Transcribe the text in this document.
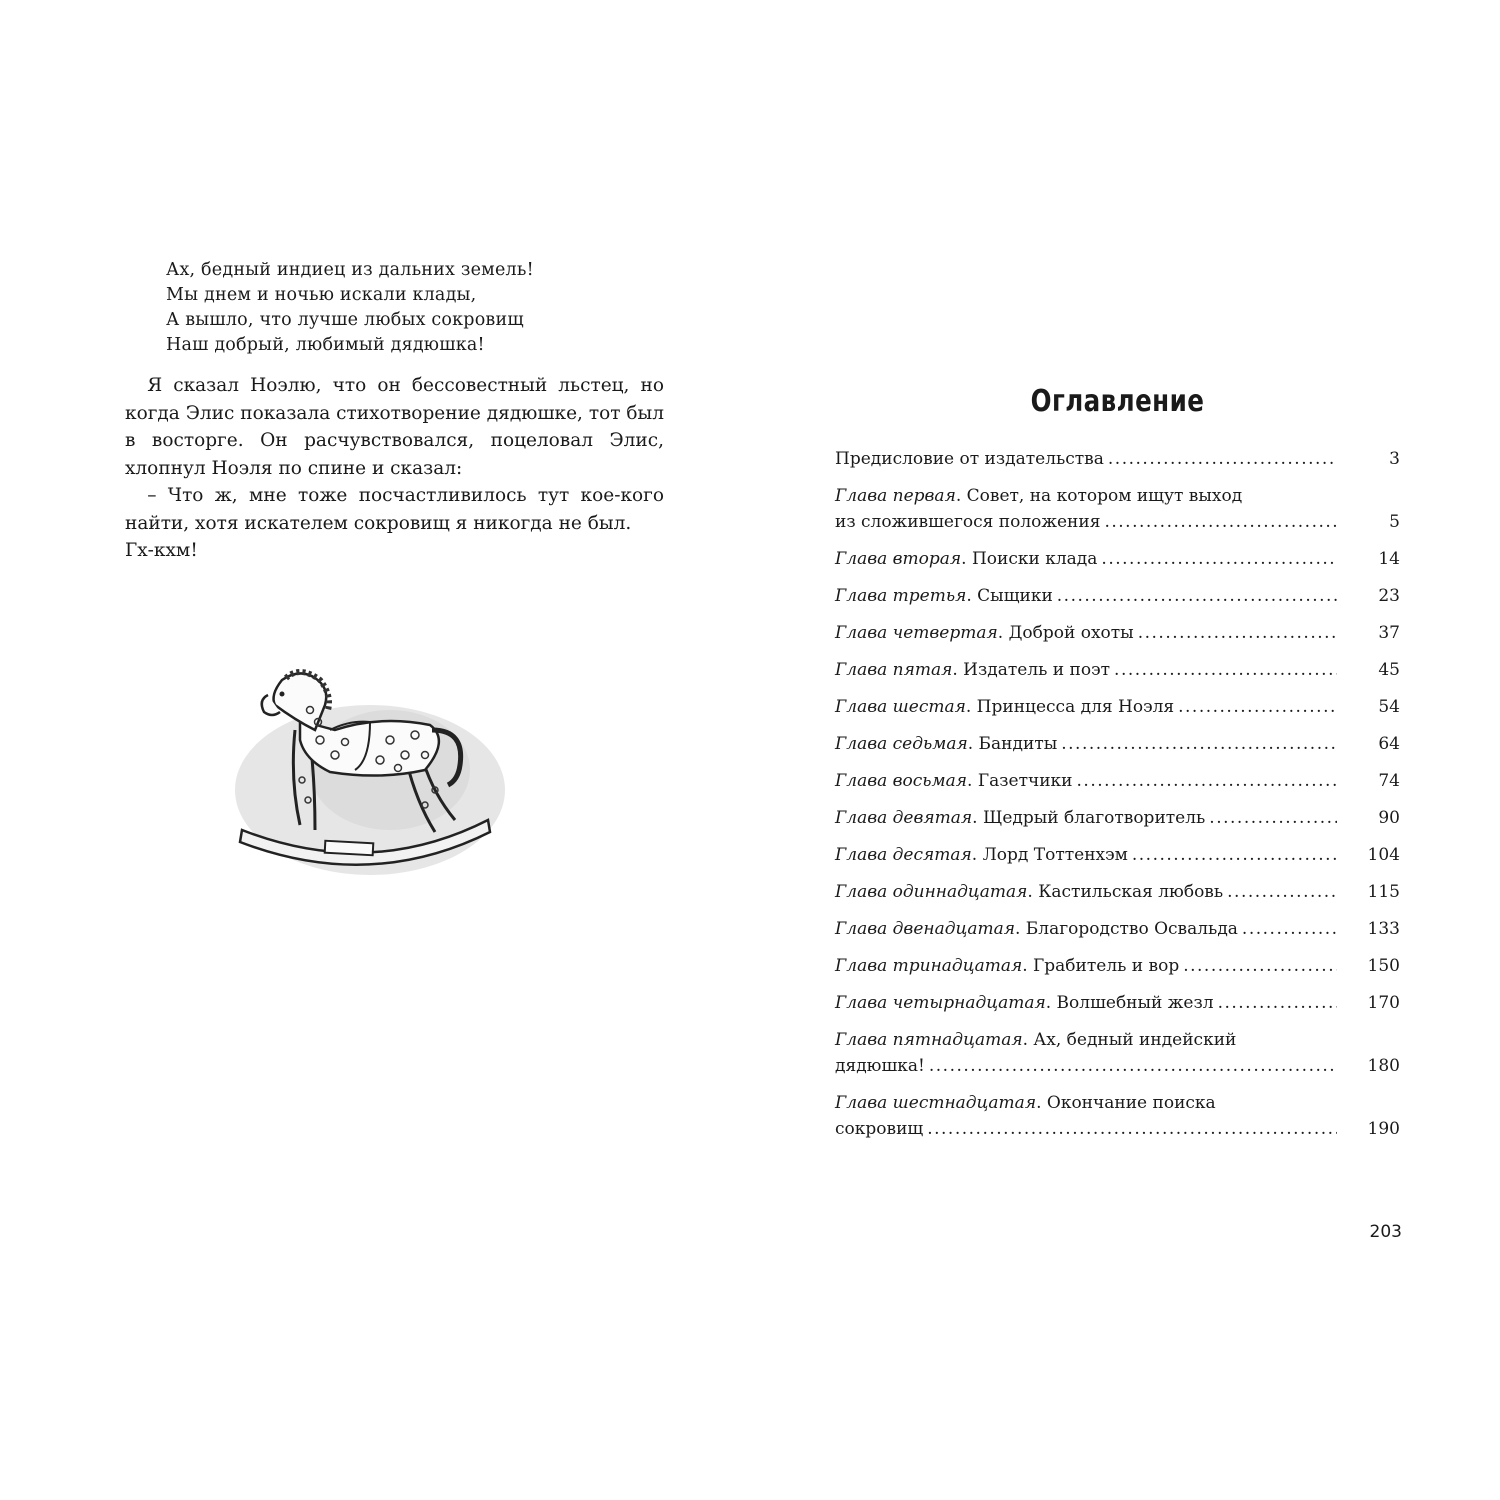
Ах, бедный индиец из дальних земель!
Мы днем и ночью искали клады,
А вышло, что лучше любых сокровищ
Наш добрый, любимый дядюшка!

Я сказал Ноэлю, что он бессовестный льстец, но когда Элис показала стихотворение дядюшке, тот был в восторге. Он расчувствовался, поцеловал Элис, хлопнул Ноэля по спине и сказал:

– Что ж, мне тоже посчастливилось тут кое-кого найти, хотя искателем сокровищ я никогда не был.

Гх-кхм!

Оглавление
Предисловие от издательства .....	3
Глава первая. Совет, на котором ищут выход
из сложившегося положения .....	5
Глава вторая . Поиски клада .....	14
Глава третья . Сыщики .....	23
Глава четвертая . Доброй охоты .....	37
Глава пятая . Издатель и поэт .....	45
Глава шестая . Принцесса для Ноэля .....	54
Глава седьмая . Бандиты .....	64
Глава восьмая . Газетчики .....	74
Глава девятая . Щедрый благотворитель .....	90
Глава десятая . Лорд Тоттенхэм .....	104
Глава одиннадцатая . Кастильская любовь .....	115
Глава двенадцатая . Благородство Освальда .....	133
Глава тринадцатая . Грабитель и вор .....	150
Глава четырнадцатая . Волшебный жезл .....	170
Глава пятнадцатая. Ах, бедный индейский
дядюшка! .....	180
Глава шестнадцатая. Окончание поиска
сокровищ .....	190
203
